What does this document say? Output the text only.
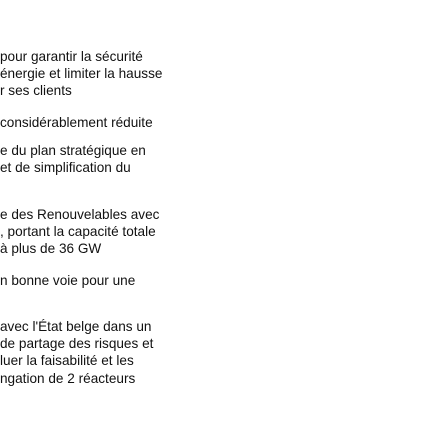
pour garantir la sécurité
énergie et limiter la hausse
r ses clients

considérablement réduite

e du plan stratégique en
et de simplification du

e des Renouvelables avec
, portant la capacité totale
à plus de 36 GW

n bonne voie pour une

avec l'État belge dans un
de partage des risques et
luer la faisabilité et les
ngation de 2 réacteurs
